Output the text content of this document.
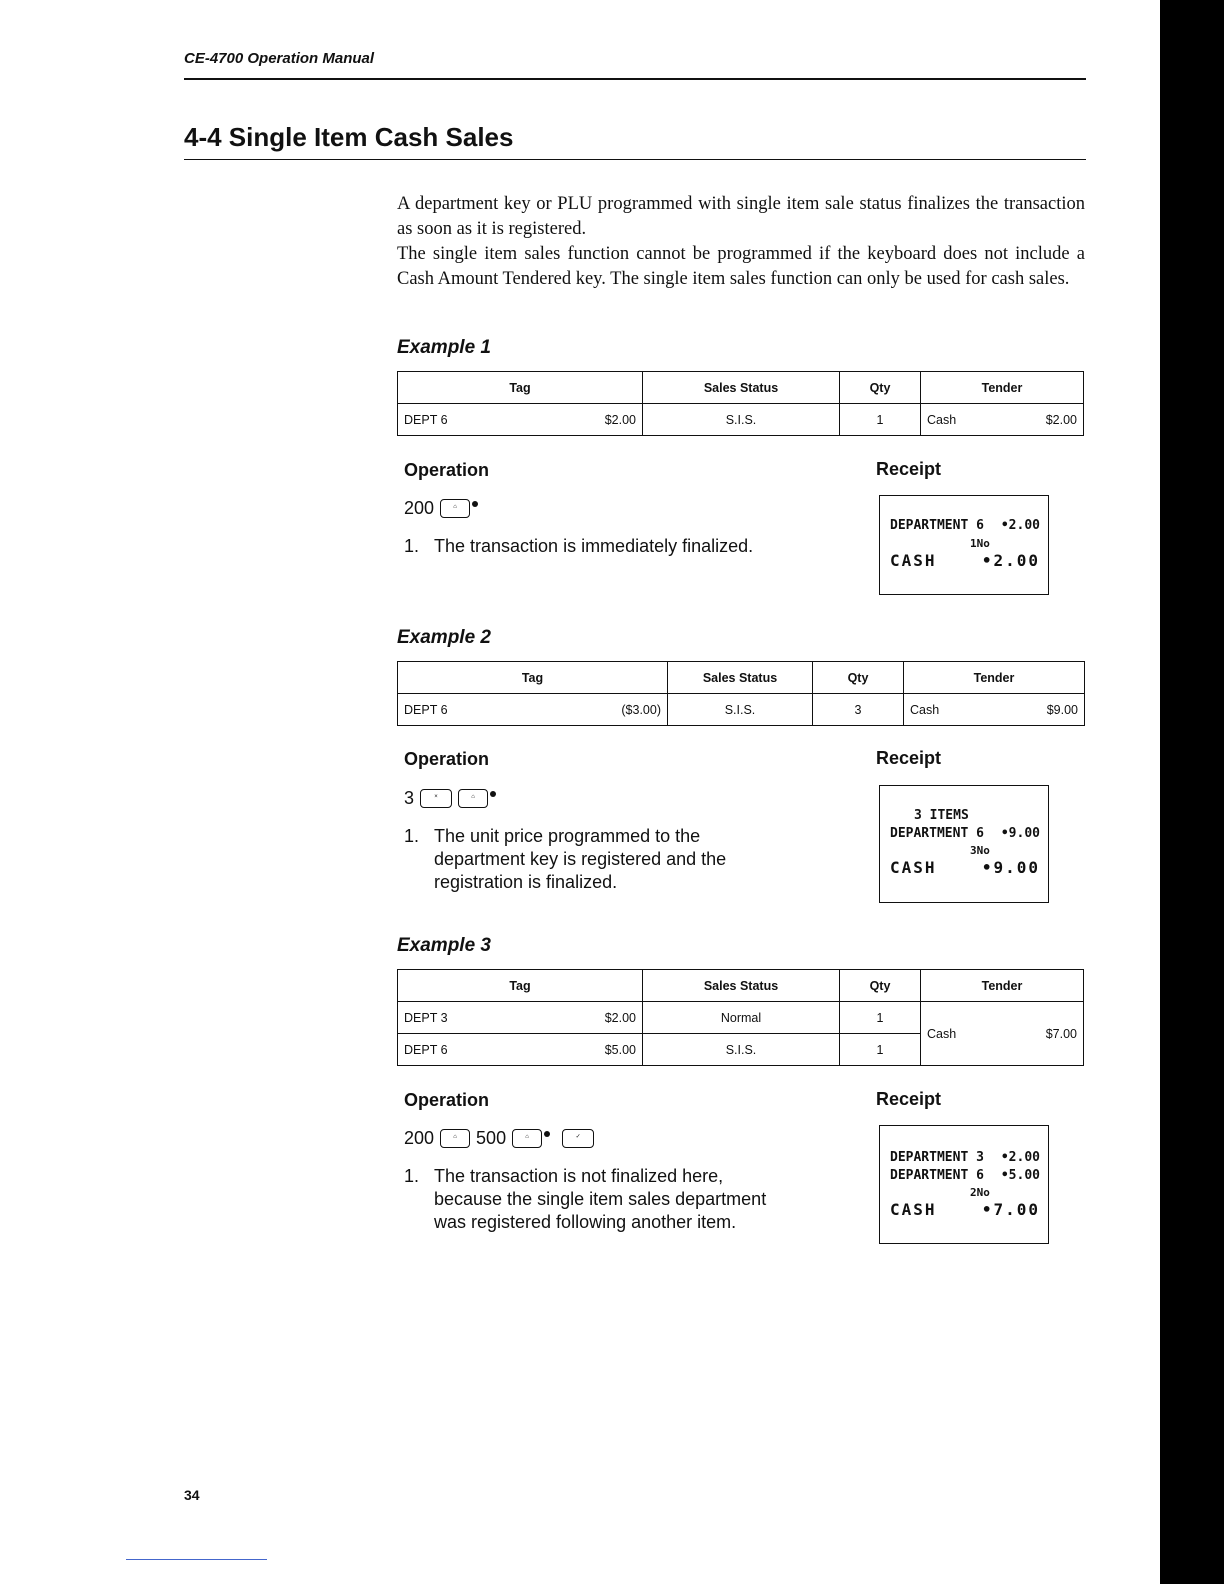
CE-4700 Operation Manual
4-4 Single Item Cash Sales
A department key or PLU programmed with single item sale status finalizes the transaction as soon as it is registered.
The single item sales function cannot be programmed if the keyboard does not include a Cash Amount Tendered key. The single item sales function can only be used for cash sales.
Example 1
Tag	Sales Status	Qty	Tender

DEPT 6 $2.00	S.I.S.	1	Cash $2.00
Operation	Receipt
200	⌂
1. The transaction is immediately finalized.
DEPARTMENT 6 •2.00
1No
CASH	•2.00
Example 2
Tag	Sales Status	Qty	Tender

DEPT 6 ($3.00)	S.I.S.	3	Cash $9.00
Operation	Receipt
3	×	⌂
1. The unit price programmed to the
department key is registered and the
registration is finalized.
3 ITEMS
DEPARTMENT 6 •9.00
3No
CASH	•9.00
Example 3
Tag	Sales Status	Qty	Tender

DEPT 3 $2.00	Normal	1	Cash $7.00

DEPT 6 $5.00	S.I.S.	1	
Operation	Receipt
200	⌂	500	⌂	✓
1. The transaction is not finalized here,
because the single item sales department
was registered following another item.
DEPARTMENT 3 •2.00
DEPARTMENT 6 •5.00
2No
CASH	•7.00
34
